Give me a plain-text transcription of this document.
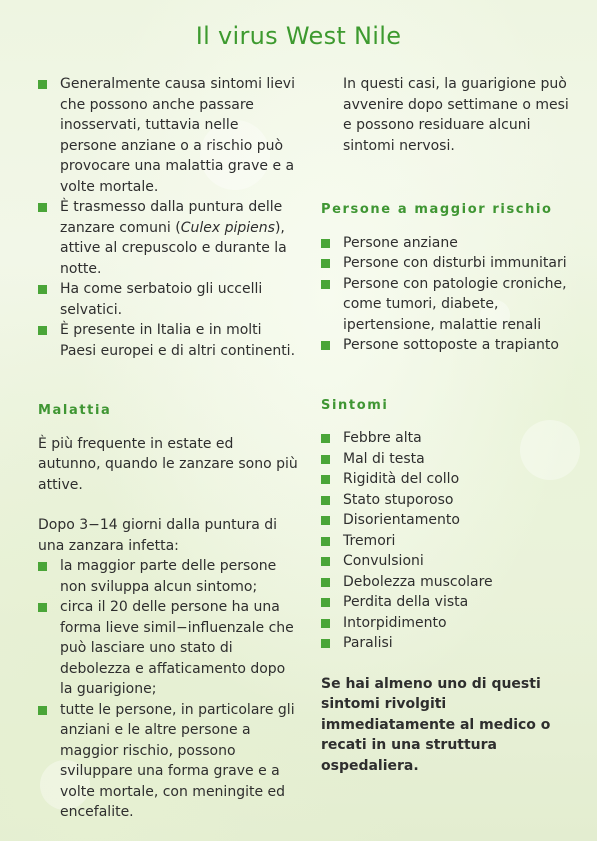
Il virus West Nile
Generalmente causa sintomi lievi che possono anche passare inosservati, tuttavia nelle persone anziane o a rischio può provocare una malattia grave e a volte mortale.
È trasmesso dalla puntura delle zanzare comuni (Culex pipiens), attive al crepuscolo e durante la notte.
Ha come serbatoio gli uccelli selvatici.
È presente in Italia e in molti Paesi europei e di altri continenti.
Malattia

È più frequente in estate ed autunno, quando le zanzare sono più attive.

Dopo 3−14 giorni dalla puntura di una zanzara infetta:

la maggior parte delle persone non sviluppa alcun sintomo;
circa il 20 delle persone ha una forma lieve simil−influenzale che può lasciare uno stato di debolezza e affaticamento dopo la guarigione;
tutte le persone, in particolare gli anziani e le altre persone a maggior rischio, possono sviluppare una forma grave e a volte mortale, con meningite ed encefalite.

In questi casi, la guarigione può avvenire dopo settimane o mesi e possono residuare alcuni sintomi nervosi.

Persone a maggior rischio
Persone anziane
Persone con disturbi immunitari
Persone con patologie croniche, come tumori, diabete, ipertensione, malattie renali
Persone sottoposte a trapianto
Sintomi
Febbre alta
Mal di testa
Rigidità del collo
Stato stuporoso
Disorientamento
Tremori
Convulsioni
Debolezza muscolare
Perdita della vista
Intorpidimento
Paralisi

Se hai almeno uno di questi sintomi rivolgiti immediatamente al medico o recati in una struttura ospedaliera.
